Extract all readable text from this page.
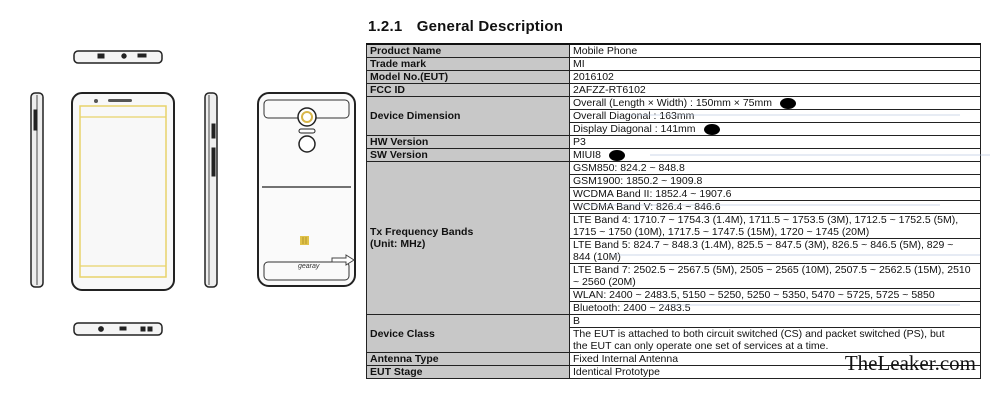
gearay
1.2.1 General Description
Product Name	Mobile Phone
Trade mark	MI
Model No.(EUT)	2016102
FCC ID	2AFZZ-RT6102
Device Dimension	Overall (Length × Width) : 150mm × 75mm
	Overall Diagonal : 163mm
	Display Diagonal : 141mm
HW Version	P3
SW Version	MIUI8
Tx Frequency Bands
(Unit: MHz)	GSM850: 824.2 ~ 848.8
	GSM1900: 1850.2 ~ 1909.8
	WCDMA Band II: 1852.4 ~ 1907.6
	WCDMA Band V: 826.4 ~ 846.6
	LTE Band 4: 1710.7 ~ 1754.3 (1.4M), 1711.5 ~ 1753.5 (3M), 1712.5 ~ 1752.5 (5M),
1715 ~ 1750 (10M), 1717.5 ~ 1747.5 (15M), 1720 ~ 1745 (20M)
	LTE Band 5: 824.7 ~ 848.3 (1.4M), 825.5 ~ 847.5 (3M), 826.5 ~ 846.5 (5M), 829 ~
844 (10M)
	LTE Band 7: 2502.5 ~ 2567.5 (5M), 2505 ~ 2565 (10M), 2507.5 ~ 2562.5 (15M), 2510
~ 2560 (20M)
	WLAN: 2400 ~ 2483.5, 5150 ~ 5250, 5250 ~ 5350, 5470 ~ 5725, 5725 ~ 5850
	Bluetooth: 2400 ~ 2483.5
Device Class	B
	The EUT is attached to both circuit switched (CS) and packet switched (PS), but
the EUT can only operate one set of services at a time.
Antenna Type	Fixed Internal Antenna
EUT Stage	Identical Prototype	TheLeaker.com
